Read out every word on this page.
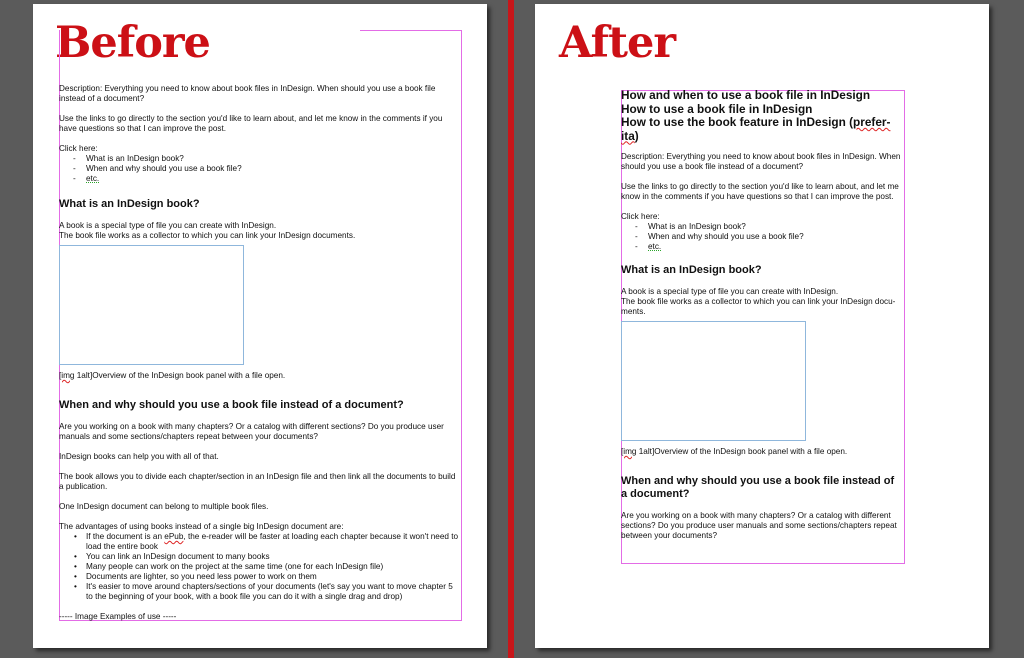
Before

Description: Everything you need to know about book files in InDesign. When should you use a book file instead of a document?

Use the links to go directly to the section you'd like to learn about, and let me know in the comments if you have questions so that I can improve the post.

Click here:

- What is an InDesign book?
- When and why should you use a book file?
- etc.
What is an InDesign book?

A book is a special type of file you can create with InDesign.

The book file works as a collector to which you can link your InDesign documents.

[img 1alt]Overview of the InDesign book panel with a file open.

When and why should you use a book file instead of a document?

Are you working on a book with many chapters? Or a catalog with different sections? Do you produce user manuals and some sections/chapters repeat between your documents?

InDesign books can help you with all of that.

The book allows you to divide each chapter/section in an InDesign file and then link all the documents to build a publication.

One InDesign document can belong to multiple book files.

The advantages of using books instead of a single big InDesign document are:

• If the document is an ePub, the e-reader will be faster at loading each chapter because it won't need to load the entire book
• You can link an InDesign document to many books
• Many people can work on the project at the same time (one for each InDesign file)
• Documents are lighter, so you need less power to work on them
• It's easier to move around chapters/sections of your documents (let's say you want to move chapter 5 to the beginning of your book, with a book file you can do it with a single drag and drop)

----- Image Examples of use -----

After
How and when to use a book file in InDesign
How to use a book file in InDesign
How to use the book feature in InDesign (prefer-
ita)

Description: Everything you need to know about book files in InDesign. When should you use a book file instead of a document?

Use the links to go directly to the section you'd like to learn about, and let me know in the comments if you have questions so that I can improve the post.

Click here:

- What is an InDesign book?
- When and why should you use a book file?
- etc.
What is an InDesign book?

A book is a special type of file you can create with InDesign.

The book file works as a collector to which you can link your InDesign docu-ments.

[img 1alt]Overview of the InDesign book panel with a file open.

When and why should you use a book file instead of a document?

Are you working on a book with many chapters? Or a catalog with different sections? Do you produce user manuals and some sections/chapters repeat between your documents?
